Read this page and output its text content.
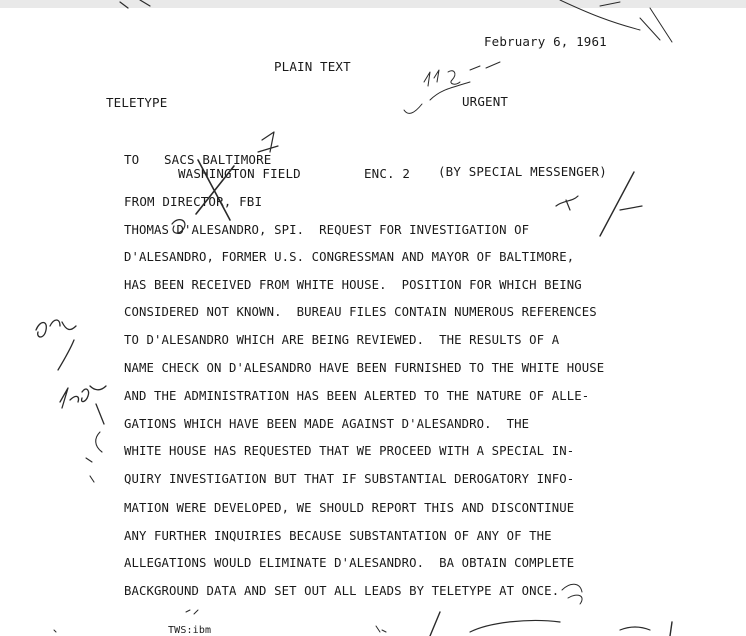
February 6, 1961
PLAIN TEXT
TELETYPE	URGENT
TO SACS BALTIMORE
WASHINGTON FIELD	ENC. 2 (BY SPECIAL MESSENGER)
FROM DIRECTOR, FBI
THOMAS D'ALESANDRO, SPI.  REQUEST FOR INVESTIGATION OF
D'ALESANDRO, FORMER U.S. CONGRESSMAN AND MAYOR OF BALTIMORE,
HAS BEEN RECEIVED FROM WHITE HOUSE.  POSITION FOR WHICH BEING
CONSIDERED NOT KNOWN.  BUREAU FILES CONTAIN NUMEROUS REFERENCES
TO D'ALESANDRO WHICH ARE BEING REVIEWED.  THE RESULTS OF A
NAME CHECK ON D'ALESANDRO HAVE BEEN FURNISHED TO THE WHITE HOUSE
AND THE ADMINISTRATION HAS BEEN ALERTED TO THE NATURE OF ALLE-
GATIONS WHICH HAVE BEEN MADE AGAINST D'ALESANDRO.  THE
WHITE HOUSE HAS REQUESTED THAT WE PROCEED WITH A SPECIAL IN-
QUIRY INVESTIGATION BUT THAT IF SUBSTANTIAL DEROGATORY INFO-
MATION WERE DEVELOPED, WE SHOULD REPORT THIS AND DISCONTINUE
ANY FURTHER INQUIRIES BECAUSE SUBSTANTATION OF ANY OF THE
ALLEGATIONS WOULD ELIMINATE D'ALESANDRO.  BA OBTAIN COMPLETE
BACKGROUND DATA AND SET OUT ALL LEADS BY TELETYPE AT ONCE.
TWS:ibm
